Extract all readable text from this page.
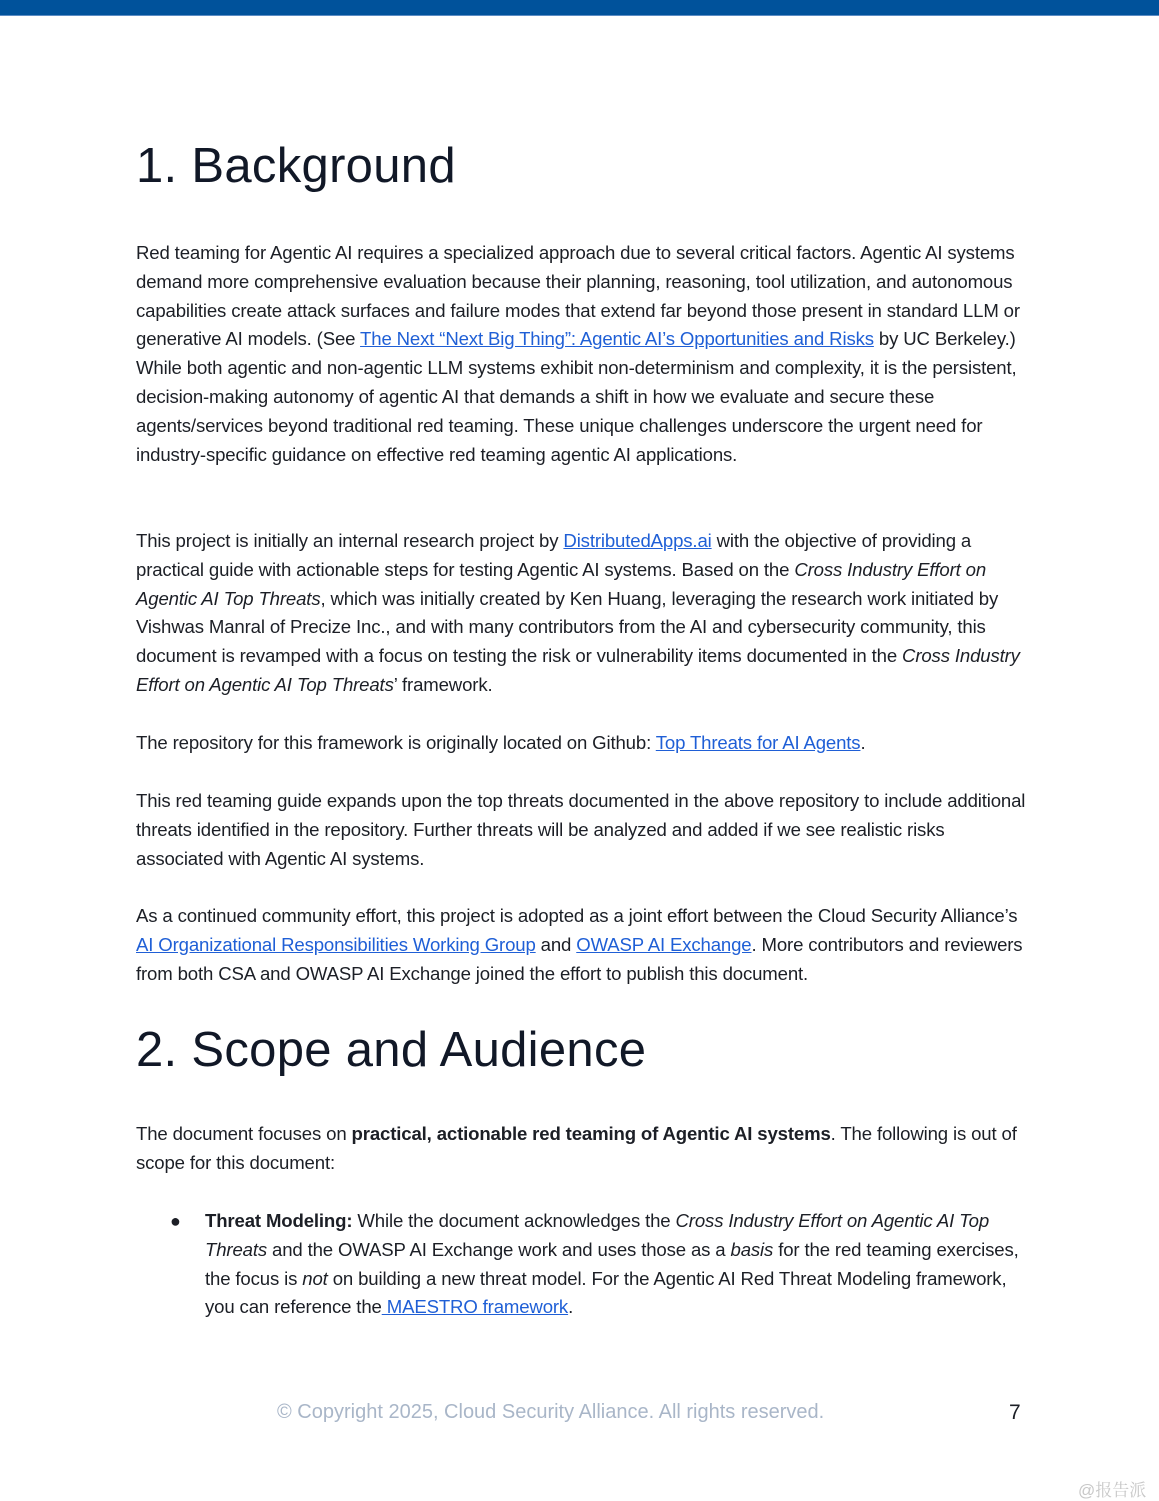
1. Background

Red teaming for Agentic AI requires a specialized approach due to several critical factors. Agentic AI systems demand more comprehensive evaluation because their planning, reasoning, tool utilization, and autonomous capabilities create attack surfaces and failure modes that extend far beyond those present in standard LLM or generative AI models. (See The Next “Next Big Thing”: Agentic AI’s Opportunities and Risks by UC Berkeley.) While both agentic and non-agentic LLM systems exhibit non-determinism and complexity, it is the persistent, decision-making autonomy of agentic AI that demands a shift in how we evaluate and secure these agents/services beyond traditional red teaming. These unique challenges underscore the urgent need for industry-specific guidance on effective red teaming agentic AI applications.

This project is initially an internal research project by DistributedApps.ai with the objective of providing a practical guide with actionable steps for testing Agentic AI systems. Based on the Cross Industry Effort on Agentic AI Top Threats, which was initially created by Ken Huang, leveraging the research work initiated by Vishwas Manral of Precize Inc., and with many contributors from the AI and cybersecurity community, this document is revamped with a focus on testing the risk or vulnerability items documented in the Cross Industry Effort on Agentic AI Top Threats’ framework.

The repository for this framework is originally located on Github: Top Threats for AI Agents.

This red teaming guide expands upon the top threats documented in the above repository to include additional threats identified in the repository. Further threats will be analyzed and added if we see realistic risks associated with Agentic AI systems.

As a continued community effort, this project is adopted as a joint effort between the Cloud Security Alliance’s AI Organizational Responsibilities Working Group and OWASP AI Exchange. More contributors and reviewers from both CSA and OWASP AI Exchange joined the effort to publish this document.

2. Scope and Audience

The document focuses on practical, actionable red teaming of Agentic AI systems. The following is out of scope for this document:

● Threat Modeling: While the document acknowledges the Cross Industry Effort on Agentic AI Top Threats and the OWASP AI Exchange work and uses those as a basis for the red teaming exercises, the focus is not on building a new threat model. For the Agentic AI Red Threat Modeling framework, you can reference the MAESTRO framework.
© Copyright 2025, Cloud Security Alliance. All rights reserved.	7
@报告派
